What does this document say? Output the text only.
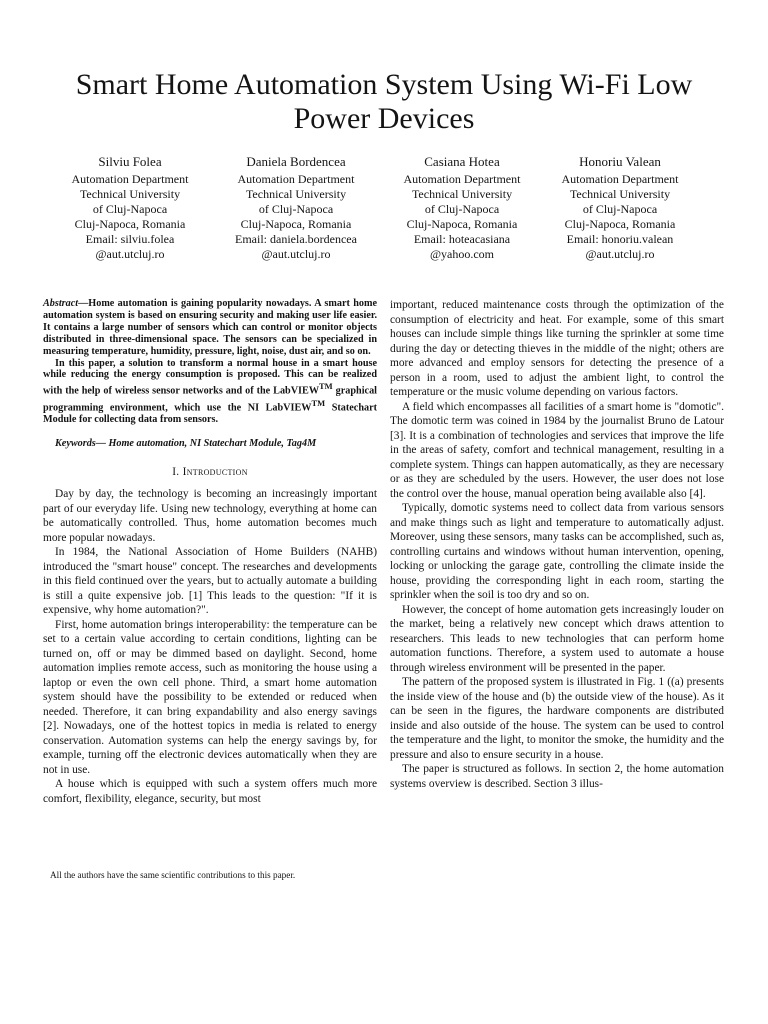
Smart Home Automation System Using Wi-Fi Low
Power Devices
Silviu Folea
Automation Department
Technical University
of Cluj-Napoca
Cluj-Napoca, Romania
Email: silviu.folea
@aut.utcluj.ro
Daniela Bordencea
Automation Department
Technical University
of Cluj-Napoca
Cluj-Napoca, Romania
Email: daniela.bordencea
@aut.utcluj.ro
Casiana Hotea
Automation Department
Technical University
of Cluj-Napoca
Cluj-Napoca, Romania
Email: hoteacasiana
@yahoo.com
Honoriu Valean
Automation Department
Technical University
of Cluj-Napoca
Cluj-Napoca, Romania
Email: honoriu.valean
@aut.utcluj.ro

Abstract—Home automation is gaining popularity nowadays. A smart home automation system is based on ensuring security and making user life easier. It contains a large number of sensors which can control or monitor objects distributed in three-dimensional space. The sensors can be specialized in measuring temperature, humidity, pressure, light, noise, dust air, and so on.

In this paper, a solution to transform a normal house in a smart house while reducing the energy consumption is proposed. This can be realized with the help of wireless sensor networks and of the LabVIEW™ graphical programming environment, which use the NI LabVIEW™ Statechart Module for collecting data from sensors.

Keywords— Home automation, NI Statechart Module, Tag4M

I. Introduction

Day by day, the technology is becoming an increasingly important part of our everyday life. Using new technology, everything at home can be automatically controlled. Thus, home automation becomes much more popular nowadays.

In 1984, the National Association of Home Builders (NAHB) introduced the "smart house" concept. The researches and developments in this field continued over the years, but to actually automate a building is still a quite expensive job. [1] This leads to the question: "If it is expensive, why home automation?".

First, home automation brings interoperability: the temperature can be set to a certain value according to certain conditions, lighting can be turned on, off or may be dimmed based on daylight. Second, home automation implies remote access, such as monitoring the house using a laptop or even the own cell phone. Third, a smart home automation system should have the possibility to be extended or reduced when needed. Therefore, it can bring expandability and also energy savings [2]. Nowadays, one of the hottest topics in media is related to energy conservation. Automation systems can help the energy savings by, for example, turning off the electronic devices automatically when they are not in use.

A house which is equipped with such a system offers much more comfort, flexibility, elegance, security, but most

All the authors have the same scientific contributions to this paper.

important, reduced maintenance costs through the optimization of the consumption of electricity and heat. For example, some of this smart houses can include simple things like turning the sprinkler at some time during the day or detecting thieves in the middle of the night; others are more advanced and employ sensors for detecting the presence of a person in a room, used to adjust the ambient light, to control the temperature or the music volume depending on various factors.

A field which encompasses all facilities of a smart home is "domotic". The domotic term was coined in 1984 by the journalist Bruno de Latour [3]. It is a combination of technologies and services that improve the life in the areas of safety, comfort and technical management, resulting in a complete system. Things can happen automatically, as they are necessary or as they are scheduled by the users. However, the user does not lose the control over the house, manual operation being available also [4].

Typically, domotic systems need to collect data from various sensors and make things such as light and temperature to automatically adjust. Moreover, using these sensors, many tasks can be accomplished, such as, controlling curtains and windows without human intervention, opening, locking or unlocking the garage gate, controlling the climate inside the house, providing the corresponding light in each room, starting the sprinkler when the soil is too dry and so on.

However, the concept of home automation gets increasingly louder on the market, being a relatively new concept which draws attention to researchers. This leads to new technologies that can perform home automation functions. Therefore, a system used to automate a house through wireless environment will be presented in the paper.

The pattern of the proposed system is illustrated in Fig. 1 ((a) presents the inside view of the house and (b) the outside view of the house). As it can be seen in the figures, the hardware components are distributed inside and also outside of the house. The system can be used to control the temperature and the light, to monitor the smoke, the humidity and the pressure and also to ensure security in a house.

The paper is structured as follows. In section 2, the home automation systems overview is described. Section 3 illus-
